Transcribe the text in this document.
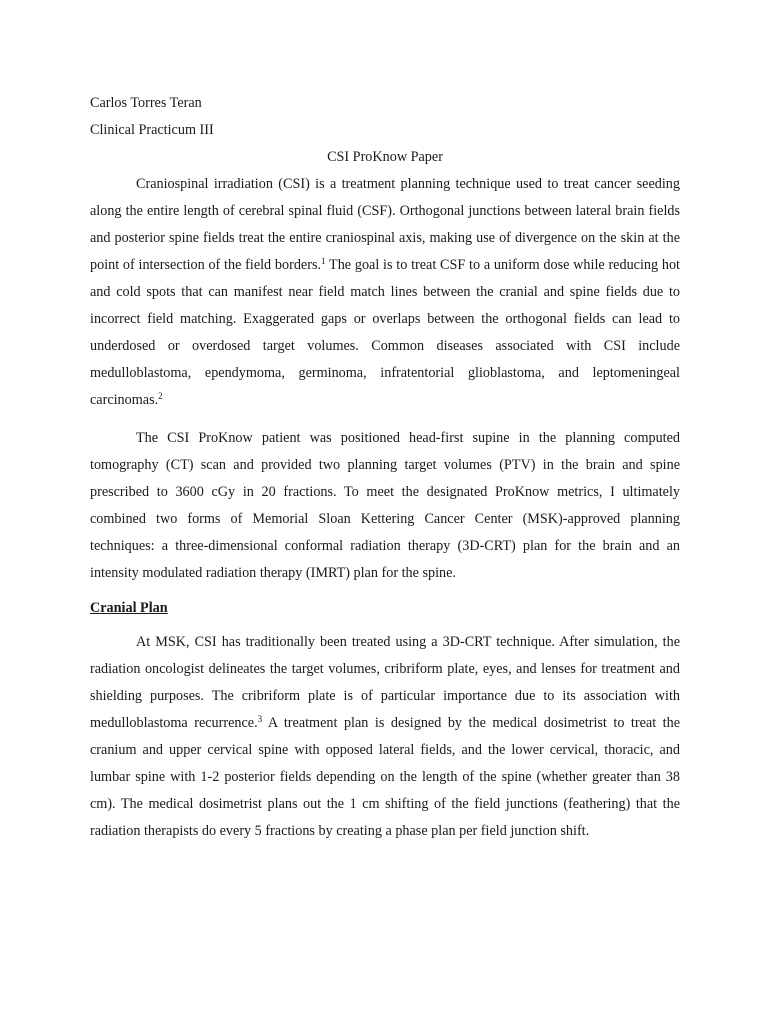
Carlos Torres Teran

Clinical Practicum III

CSI ProKnow Paper

Craniospinal irradiation (CSI) is a treatment planning technique used to treat cancer seeding along the entire length of cerebral spinal fluid (CSF). Orthogonal junctions between lateral brain fields and posterior spine fields treat the entire craniospinal axis, making use of divergence on the skin at the point of intersection of the field borders.$^1$ The goal is to treat CSF to a uniform dose while reducing hot and cold spots that can manifest near field match lines between the cranial and spine fields due to incorrect field matching. Exaggerated gaps or overlaps between the orthogonal fields can lead to underdosed or overdosed target volumes. Common diseases associated with CSI include medulloblastoma, ependymoma, germinoma, infratentorial glioblastoma, and leptomeningeal carcinomas.$^2$

The CSI ProKnow patient was positioned head-first supine in the planning computed tomography (CT) scan and provided two planning target volumes (PTV) in the brain and spine prescribed to 3600 cGy in 20 fractions. To meet the designated ProKnow metrics, I ultimately combined two forms of Memorial Sloan Kettering Cancer Center (MSK)-approved planning techniques: a three-dimensional conformal radiation therapy (3D-CRT) plan for the brain and an intensity modulated radiation therapy (IMRT) plan for the spine.

Cranial Plan

At MSK, CSI has traditionally been treated using a 3D-CRT technique. After simulation, the radiation oncologist delineates the target volumes, cribriform plate, eyes, and lenses for treatment and shielding purposes. The cribriform plate is of particular importance due to its association with medulloblastoma recurrence.$^3$ A treatment plan is designed by the medical dosimetrist to treat the cranium and upper cervical spine with opposed lateral fields, and the lower cervical, thoracic, and lumbar spine with 1-2 posterior fields depending on the length of the spine (whether greater than 38 cm). The medical dosimetrist plans out the 1 cm shifting of the field junctions (feathering) that the radiation therapists do every 5 fractions by creating a phase plan per field junction shift.
